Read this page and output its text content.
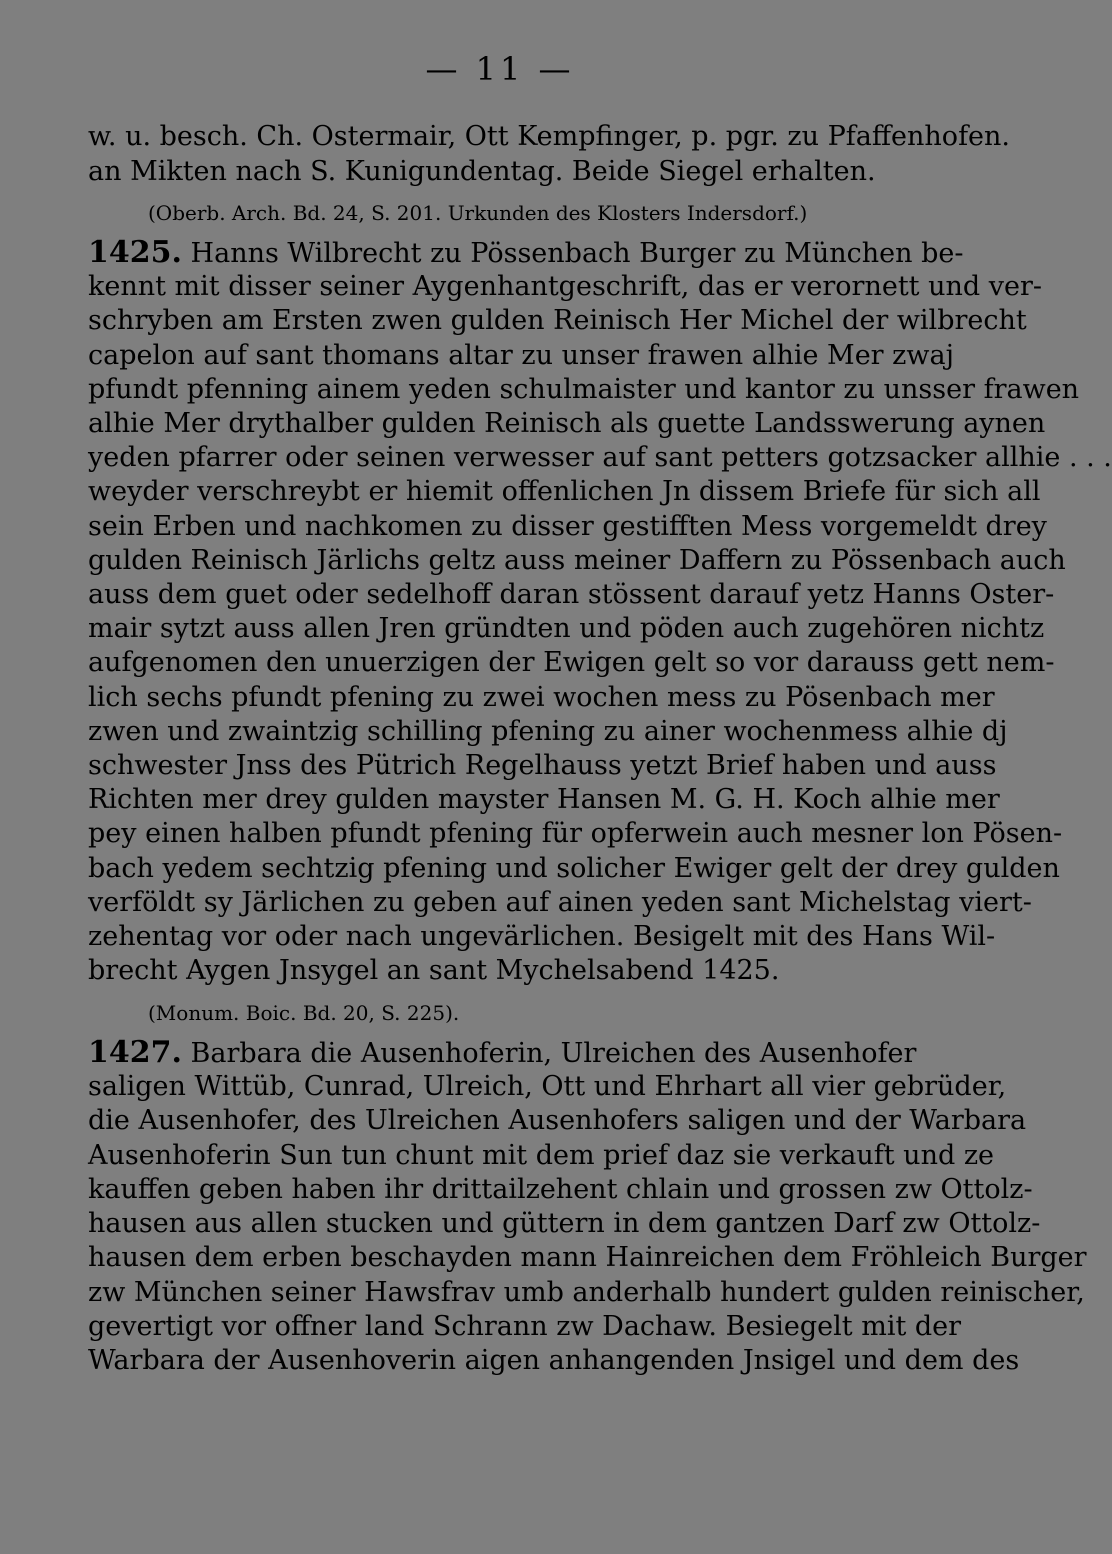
— 11 —
w. u. besch. Ch. Ostermair, Ott Kempfinger, p. pgr. zu Pfaffenhofen.
an Mikten nach S. Kunigundentag. Beide Siegel erhalten.
(Oberb. Arch. Bd. 24, S. 201. Urkunden des Klosters Indersdorf.)
1425. Hanns Wilbrecht zu Pössenbach Burger zu München be-
kennt mit disser seiner Aygenhantgeschrift, das er verornett und ver-
schryben am Ersten zwen gulden Reinisch Her Michel der wilbrecht
capelon auf sant thomans altar zu unser frawen alhie Mer zwaj
pfundt pfenning ainem yeden schulmaister und kantor zu unsser frawen
alhie Mer drythalber gulden Reinisch als guette Landsswerung aynen
yeden pfarrer oder seinen verwesser auf sant petters gotzsacker allhie . . .
weyder verschreybt er hiemit offenlichen Jn dissem Briefe für sich all
sein Erben und nachkomen zu disser gestifften Mess vorgemeldt drey
gulden Reinisch Järlichs geltz auss meiner Daffern zu Pössenbach auch
auss dem guet oder sedelhoff daran stössent darauf yetz Hanns Oster-
mair sytzt auss allen Jren gründten und pöden auch zugehören nichtz
aufgenomen den unuerzigen der Ewigen gelt so vor darauss gett nem-
lich sechs pfundt pfening zu zwei wochen mess zu Pösenbach mer
zwen und zwaintzig schilling pfening zu ainer wochenmess alhie dj
schwester Jnss des Pütrich Regelhauss yetzt Brief haben und auss
Richten mer drey gulden mayster Hansen M. G. H. Koch alhie mer
pey einen halben pfundt pfening für opferwein auch mesner lon Pösen-
bach yedem sechtzig pfening und solicher Ewiger gelt der drey gulden
verföldt sy Järlichen zu geben auf ainen yeden sant Michelstag viert-
zehentag vor oder nach ungevärlichen. Besigelt mit des Hans Wil-
brecht Aygen Jnsygel an sant Mychelsabend 1425.
(Monum. Boic. Bd. 20, S. 225).
1427. Barbara die Ausenhoferin, Ulreichen des Ausenhofer
saligen Wittüb, Cunrad, Ulreich, Ott und Ehrhart all vier gebrüder,
die Ausenhofer, des Ulreichen Ausenhofers saligen und der Warbara
Ausenhoferin Sun tun chunt mit dem prief daz sie verkauft und ze
kauffen geben haben ihr drittailzehent chlain und grossen zw Ottolz-
hausen aus allen stucken und güttern in dem gantzen Darf zw Ottolz-
hausen dem erben beschayden mann Hainreichen dem Fröhleich Burger
zw München seiner Hawsfrav umb anderhalb hundert gulden reinischer,
gevertigt vor offner land Schrann zw Dachaw. Besiegelt mit der
Warbara der Ausenhoverin aigen anhangenden Jnsigel und dem des
